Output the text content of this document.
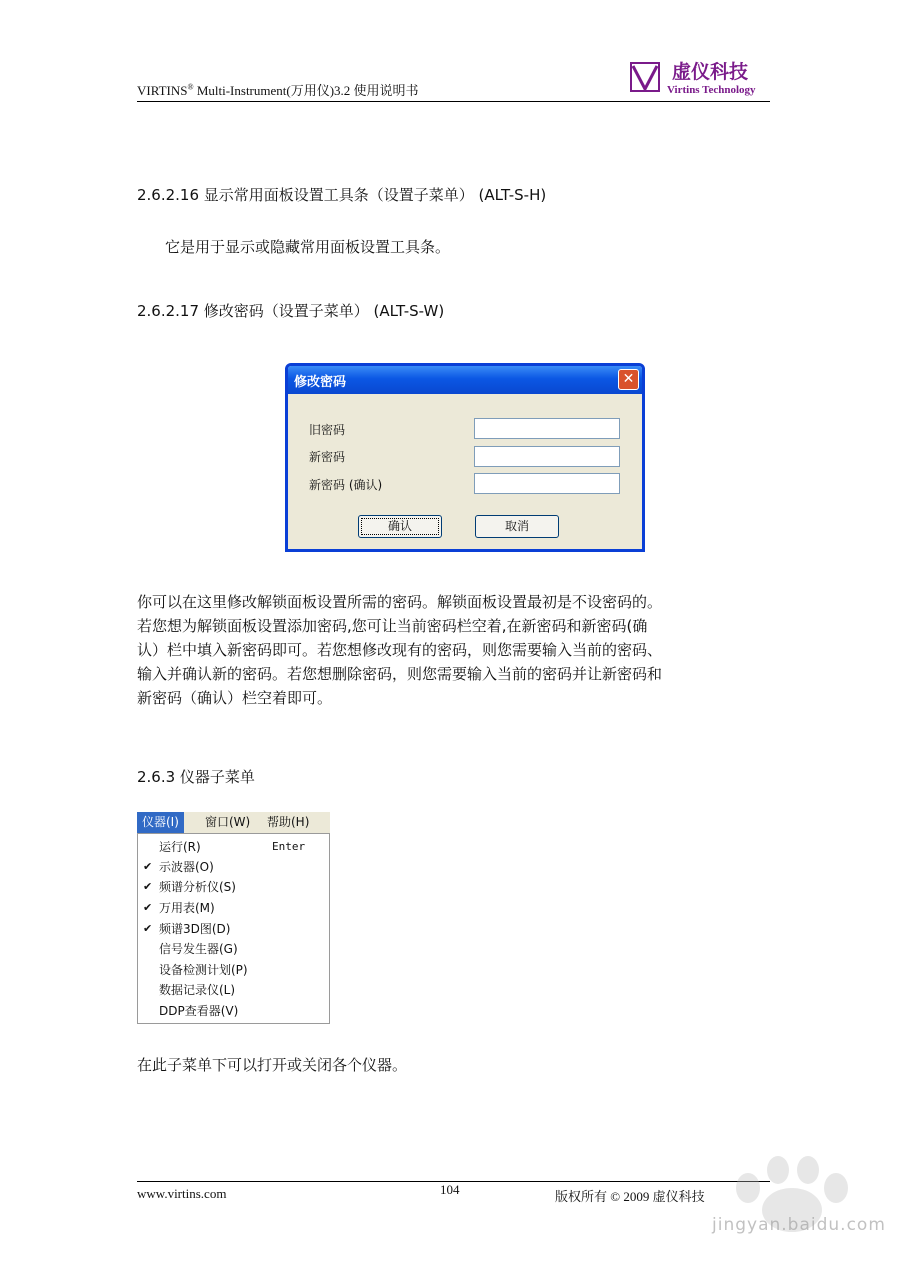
VIRTINS® Multi-Instrument(万用仪)3.2 使用说明书
虚仪科技
Virtins Technology
2.6.2.16 显示常用面板设置工具条（设置子菜单） (ALT-S-H)
它是用于显示或隐藏常用面板设置工具条。
2.6.2.17 修改密码（设置子菜单） (ALT-S-W)
修改密码	✕
旧密码
新密码
新密码 (确认)
确认	取消
你可以在这里修改解锁面板设置所需的密码。解锁面板设置最初是不设密码的。
若您想为解锁面板设置添加密码,您可让当前密码栏空着,在新密码和新密码(确
认）栏中填入新密码即可。若您想修改现有的密码，则您需要输入当前的密码、
输入并确认新的密码。若您想删除密码，则您需要输入当前的密码并让新密码和
新密码（确认）栏空着即可。
2.6.3 仪器子菜单
仪器(I)	窗口(W)	帮助(H)
运行(R)	Enter
✔ 示波器(O)
✔ 频谱分析仪(S)
✔ 万用表(M)
✔ 频谱3D图(D)
信号发生器(G)
设备检测计划(P)
数据记录仪(L)
DDP查看器(V)
在此子菜单下可以打开或关闭各个仪器。
www.virtins.com	104	版权所有 © 2009 虚仪科技
jingyan.baidu.com
